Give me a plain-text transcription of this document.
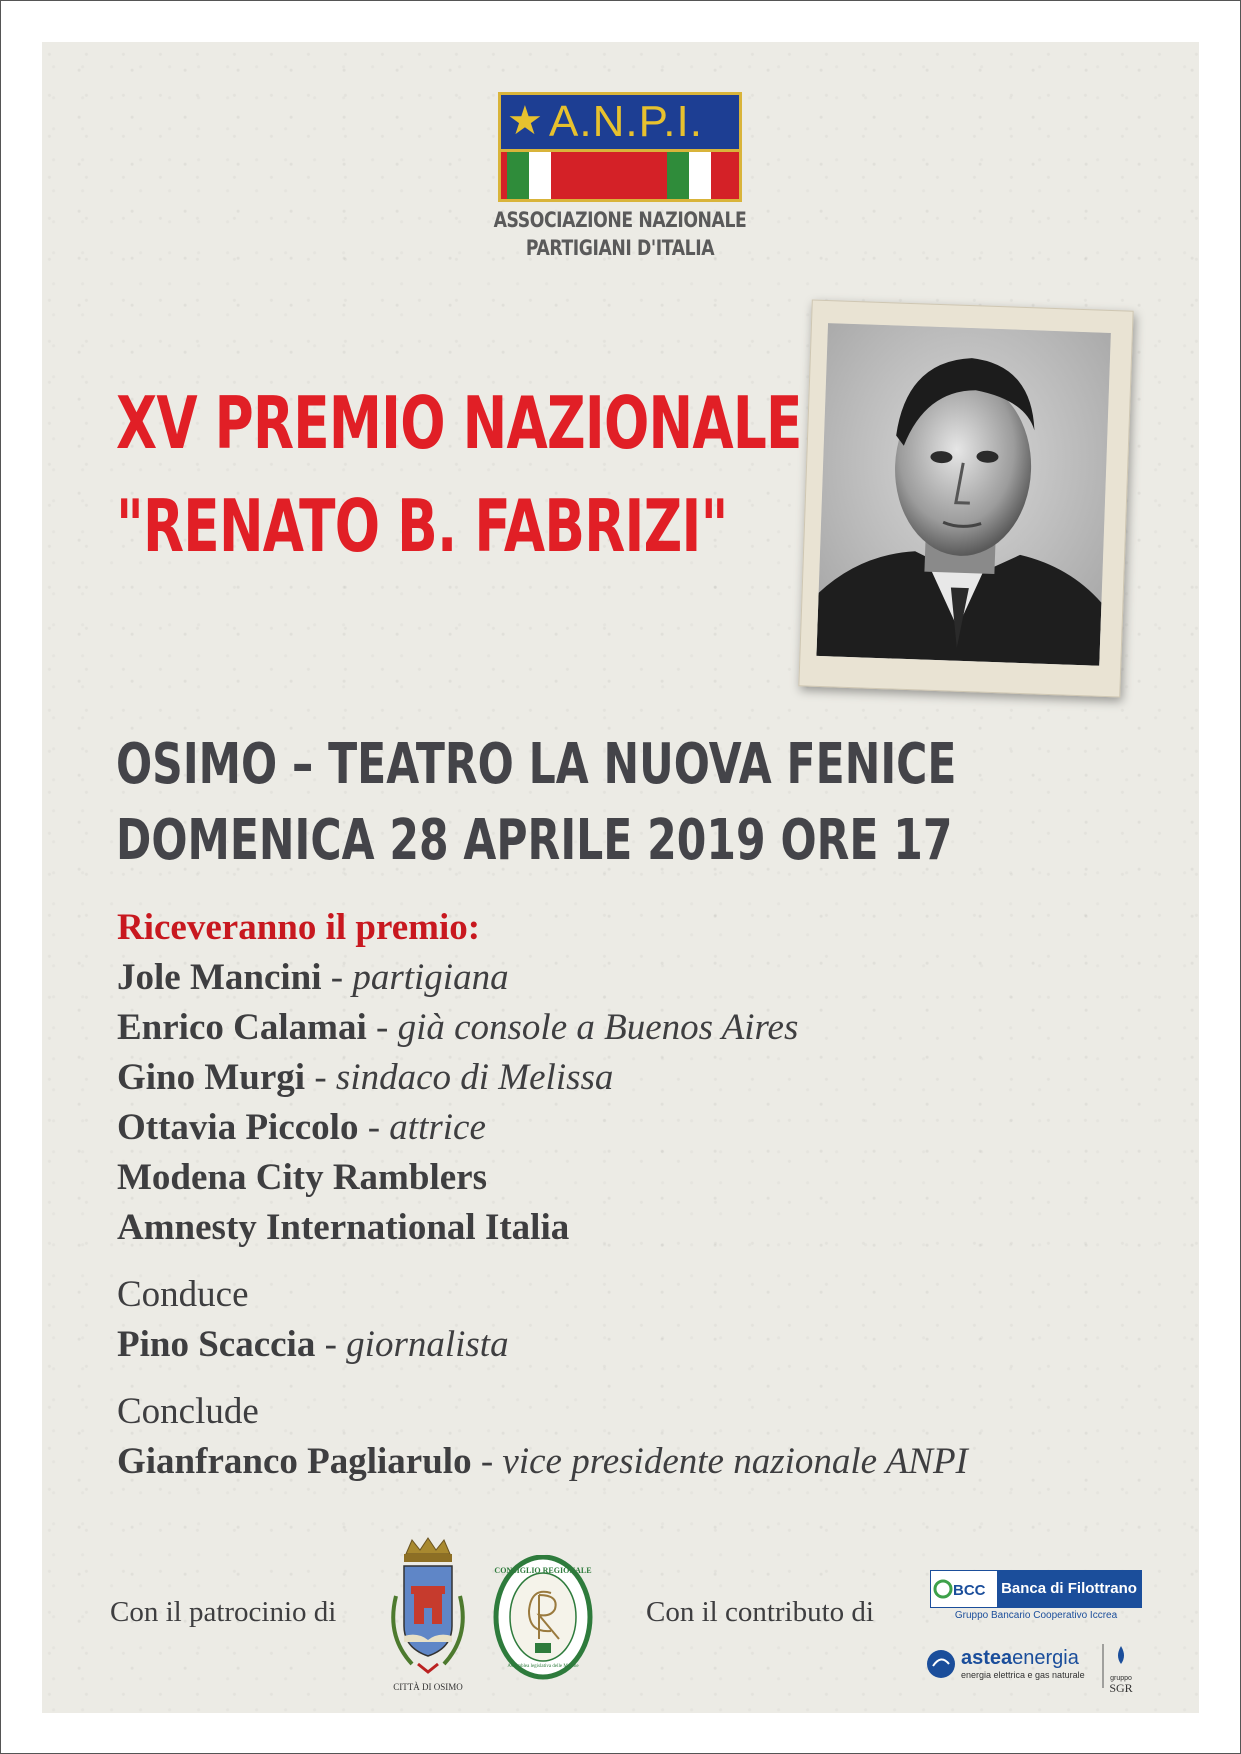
★ A.N.P.I.
ASSOCIAZIONE NAZIONALE
PARTIGIANI D'ITALIA
XV PREMIO NAZIONALE
"RENATO B. FABRIZI"
OSIMO – TEATRO LA NUOVA FENICE
DOMENICA 28 APRILE 2019 ORE 17
Riceveranno il premio:
Jole Mancini - partigiana
Enrico Calamai - già console a Buenos Aires
Gino Murgi - sindaco di Melissa
Ottavia Piccolo - attrice
Modena City Ramblers
Amnesty International Italia
Conduce
Pino Scaccia - giornalista
Conclude
Gianfranco Pagliarulo - vice presidente nazionale ANPI
Con il patrocinio di
CITTÀ DI OSIMO
CONSIGLIO REGIONALE
Assemblea legislativa delle Marche
Con il contributo di
BCC Banca di Filottrano
Gruppo Bancario Cooperativo Iccrea
asteaenergia
energia elettrica e gas naturale	gruppo
SGR
